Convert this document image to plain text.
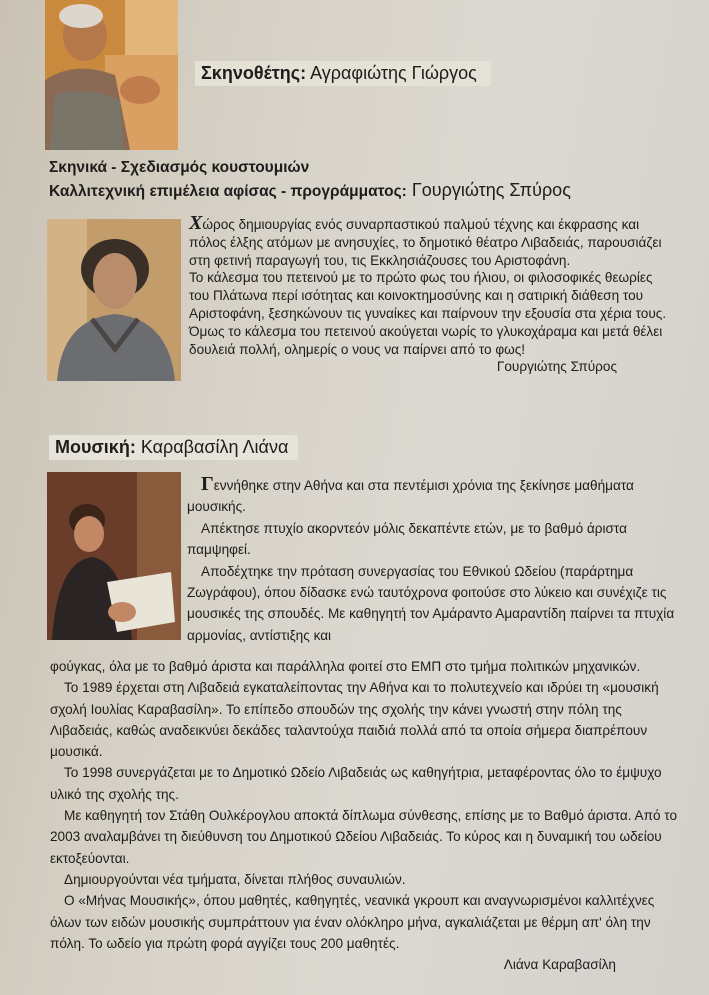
Σκηνοθέτης: Αγραφιώτης Γιώργος
Σκηνικά - Σχεδιασμός κουστουμιών
Καλλιτεχνική επιμέλεια αφίσας - προγράμματος: Γουργιώτης Σπύρος

Χώρος δημιουργίας ενός συναρπαστικού παλμού τέχνης και έκφρασης και πόλος έλξης ατόμων με ανησυχίες, το δημοτικό θέατρο Λιβαδειάς, παρουσιάζει στη φετινή παραγωγή του, τις Εκκλησιάζουσες του Αριστοφάνη.

Το κάλεσμα του πετεινού με το πρώτο φως του ήλιου, οι φιλοσοφικές θεωρίες του Πλάτωνα περί ισότητας και κοινοκτημοσύνης και η σατιρική διάθεση του Αριστοφάνη, ξεσηκώνουν τις γυναίκες και παίρνουν την εξουσία στα χέρια τους.

Όμως το κάλεσμα του πετεινού ακούγεται νωρίς το γλυκοχάραμα και μετά θέλει δουλειά πολλή, ολημερίς ο νους να παίρνει από το φως!

Γουργιώτης Σπύρος

Μουσική: Καραβασίλη Λιάνα

Γεννήθηκε στην Αθήνα και στα πεντέμισι χρόνια της ξεκίνησε μαθήματα μουσικής.

Απέκτησε πτυχίο ακορντεόν μόλις δεκαπέντε ετών, με το βαθμό άριστα παμψηφεί.

Αποδέχτηκε την πρόταση συνεργασίας του Εθνικού Ωδείου (παράρτημα Ζωγράφου), όπου δίδασκε ενώ ταυτόχρονα φοιτούσε στο λύκειο και συνέχιζε τις μουσικές της σπουδές. Με καθηγητή τον Αμάραντο Αμαραντίδη παίρνει τα πτυχία αρμονίας, αντίστιξης και

φούγκας, όλα με το βαθμό άριστα και παράλληλα φοιτεί στο ΕΜΠ στο τμήμα πολιτικών μηχανικών.

Το 1989 έρχεται στη Λιβαδειά εγκαταλείποντας την Αθήνα και το πολυτεχνείο και ιδρύει τη «μουσική σχολή Ιουλίας Καραβασίλη». Το επίπεδο σπουδών της σχολής την κάνει γνωστή στην πόλη της Λιβαδειάς, καθώς αναδεικνύει δεκάδες ταλαντούχα παιδιά πολλά από τα οποία σήμερα διαπρέπουν μουσικά.

Το 1998 συνεργάζεται με το Δημοτικό Ωδείο Λιβαδειάς ως καθηγήτρια, μεταφέροντας όλο το έμψυχο υλικό της σχολής της.

Με καθηγητή τον Στάθη Ουλκέρογλου αποκτά δίπλωμα σύνθεσης, επίσης με το Βαθμό άριστα. Από το 2003 αναλαμβάνει τη διεύθυνση του Δημοτικού Ωδείου Λιβαδειάς. Το κύρος και η δυναμική του ωδείου εκτοξεύονται.

Δημιουργούνται νέα τμήματα, δίνεται πλήθος συναυλιών.

Ο «Μήνας Μουσικής», όπου μαθητές, καθηγητές, νεανικά γκρουπ και αναγνωρισμένοι καλλιτέχνες όλων των ειδών μουσικής συμπράττουν για έναν ολόκληρο μήνα, αγκαλιάζεται με θέρμη απ' όλη την πόλη. Το ωδείο για πρώτη φορά αγγίζει τους 200 μαθητές.

Λιάνα Καραβασίλη
